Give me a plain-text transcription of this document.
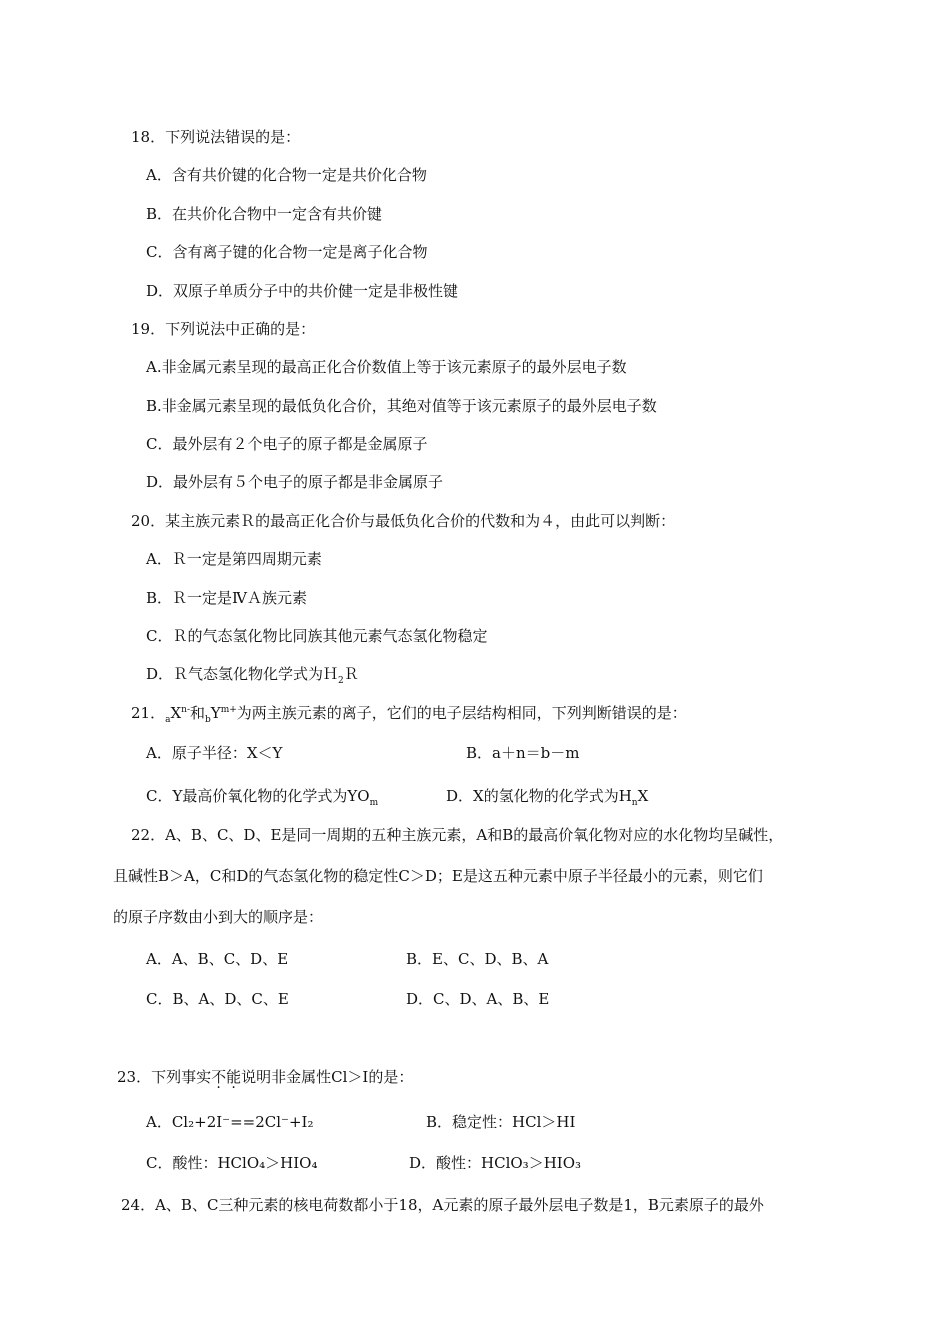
18．下列说法错误的是：
A．含有共价键的化合物一定是共价化合物
B．在共价化合物中一定含有共价键
C．含有离子键的化合物一定是离子化合物
D．双原子单质分子中的共价健一定是非极性键
19．下列说法中正确的是：
A.非金属元素呈现的最高正化合价数值上等于该元素原子的最外层电子数
B.非金属元素呈现的最低负化合价，其绝对值等于该元素原子的最外层电子数
C．最外层有２个电子的原子都是金属原子
D．最外层有５个电子的原子都是非金属原子
20．某主族元素Ｒ的最高正化合价与最低负化合价的代数和为４，由此可以判断：
A．Ｒ一定是第四周期元素
B．Ｒ一定是ⅣＡ族元素
C．Ｒ的气态氢化物比同族其他元素气态氢化物稳定
D．Ｒ气态氢化物化学式为Ｈ$_2$Ｒ
21．$_aX^{n-}$和$_bY^{m+}$为两主族元素的离子，它们的电子层结构相同，下列判断错误的是：
A．原子半径：X＜Y	B．a＋n＝b－m
C．Y最高价氧化物的化学式为$YO_m$	D．X的氢化物的化学式为$H_nX$
22．A、B、C、D、E是同一周期的五种主族元素，A和B的最高价氧化物对应的水化物均呈碱性，
且碱性B＞A，C和D的气态氢化物的稳定性C＞D；E是这五种元素中原子半径最小的元素，则它们
的原子序数由小到大的顺序是：
A．A、B、C、D、E	B．E、C、D、B、A
C．B、A、D、C、E	D．C、D、A、B、E
23．下列事实不能说明非金属性Cl＞I的是：
A．Cl₂+2I⁻==2Cl⁻+I₂	B．稳定性：HCl＞HI
C．酸性：HClO₄＞HIO₄	D．酸性：HClO₃＞HIO₃
24．A、B、C三种元素的核电荷数都小于18，A元素的原子最外层电子数是1，B元素原子的最外
